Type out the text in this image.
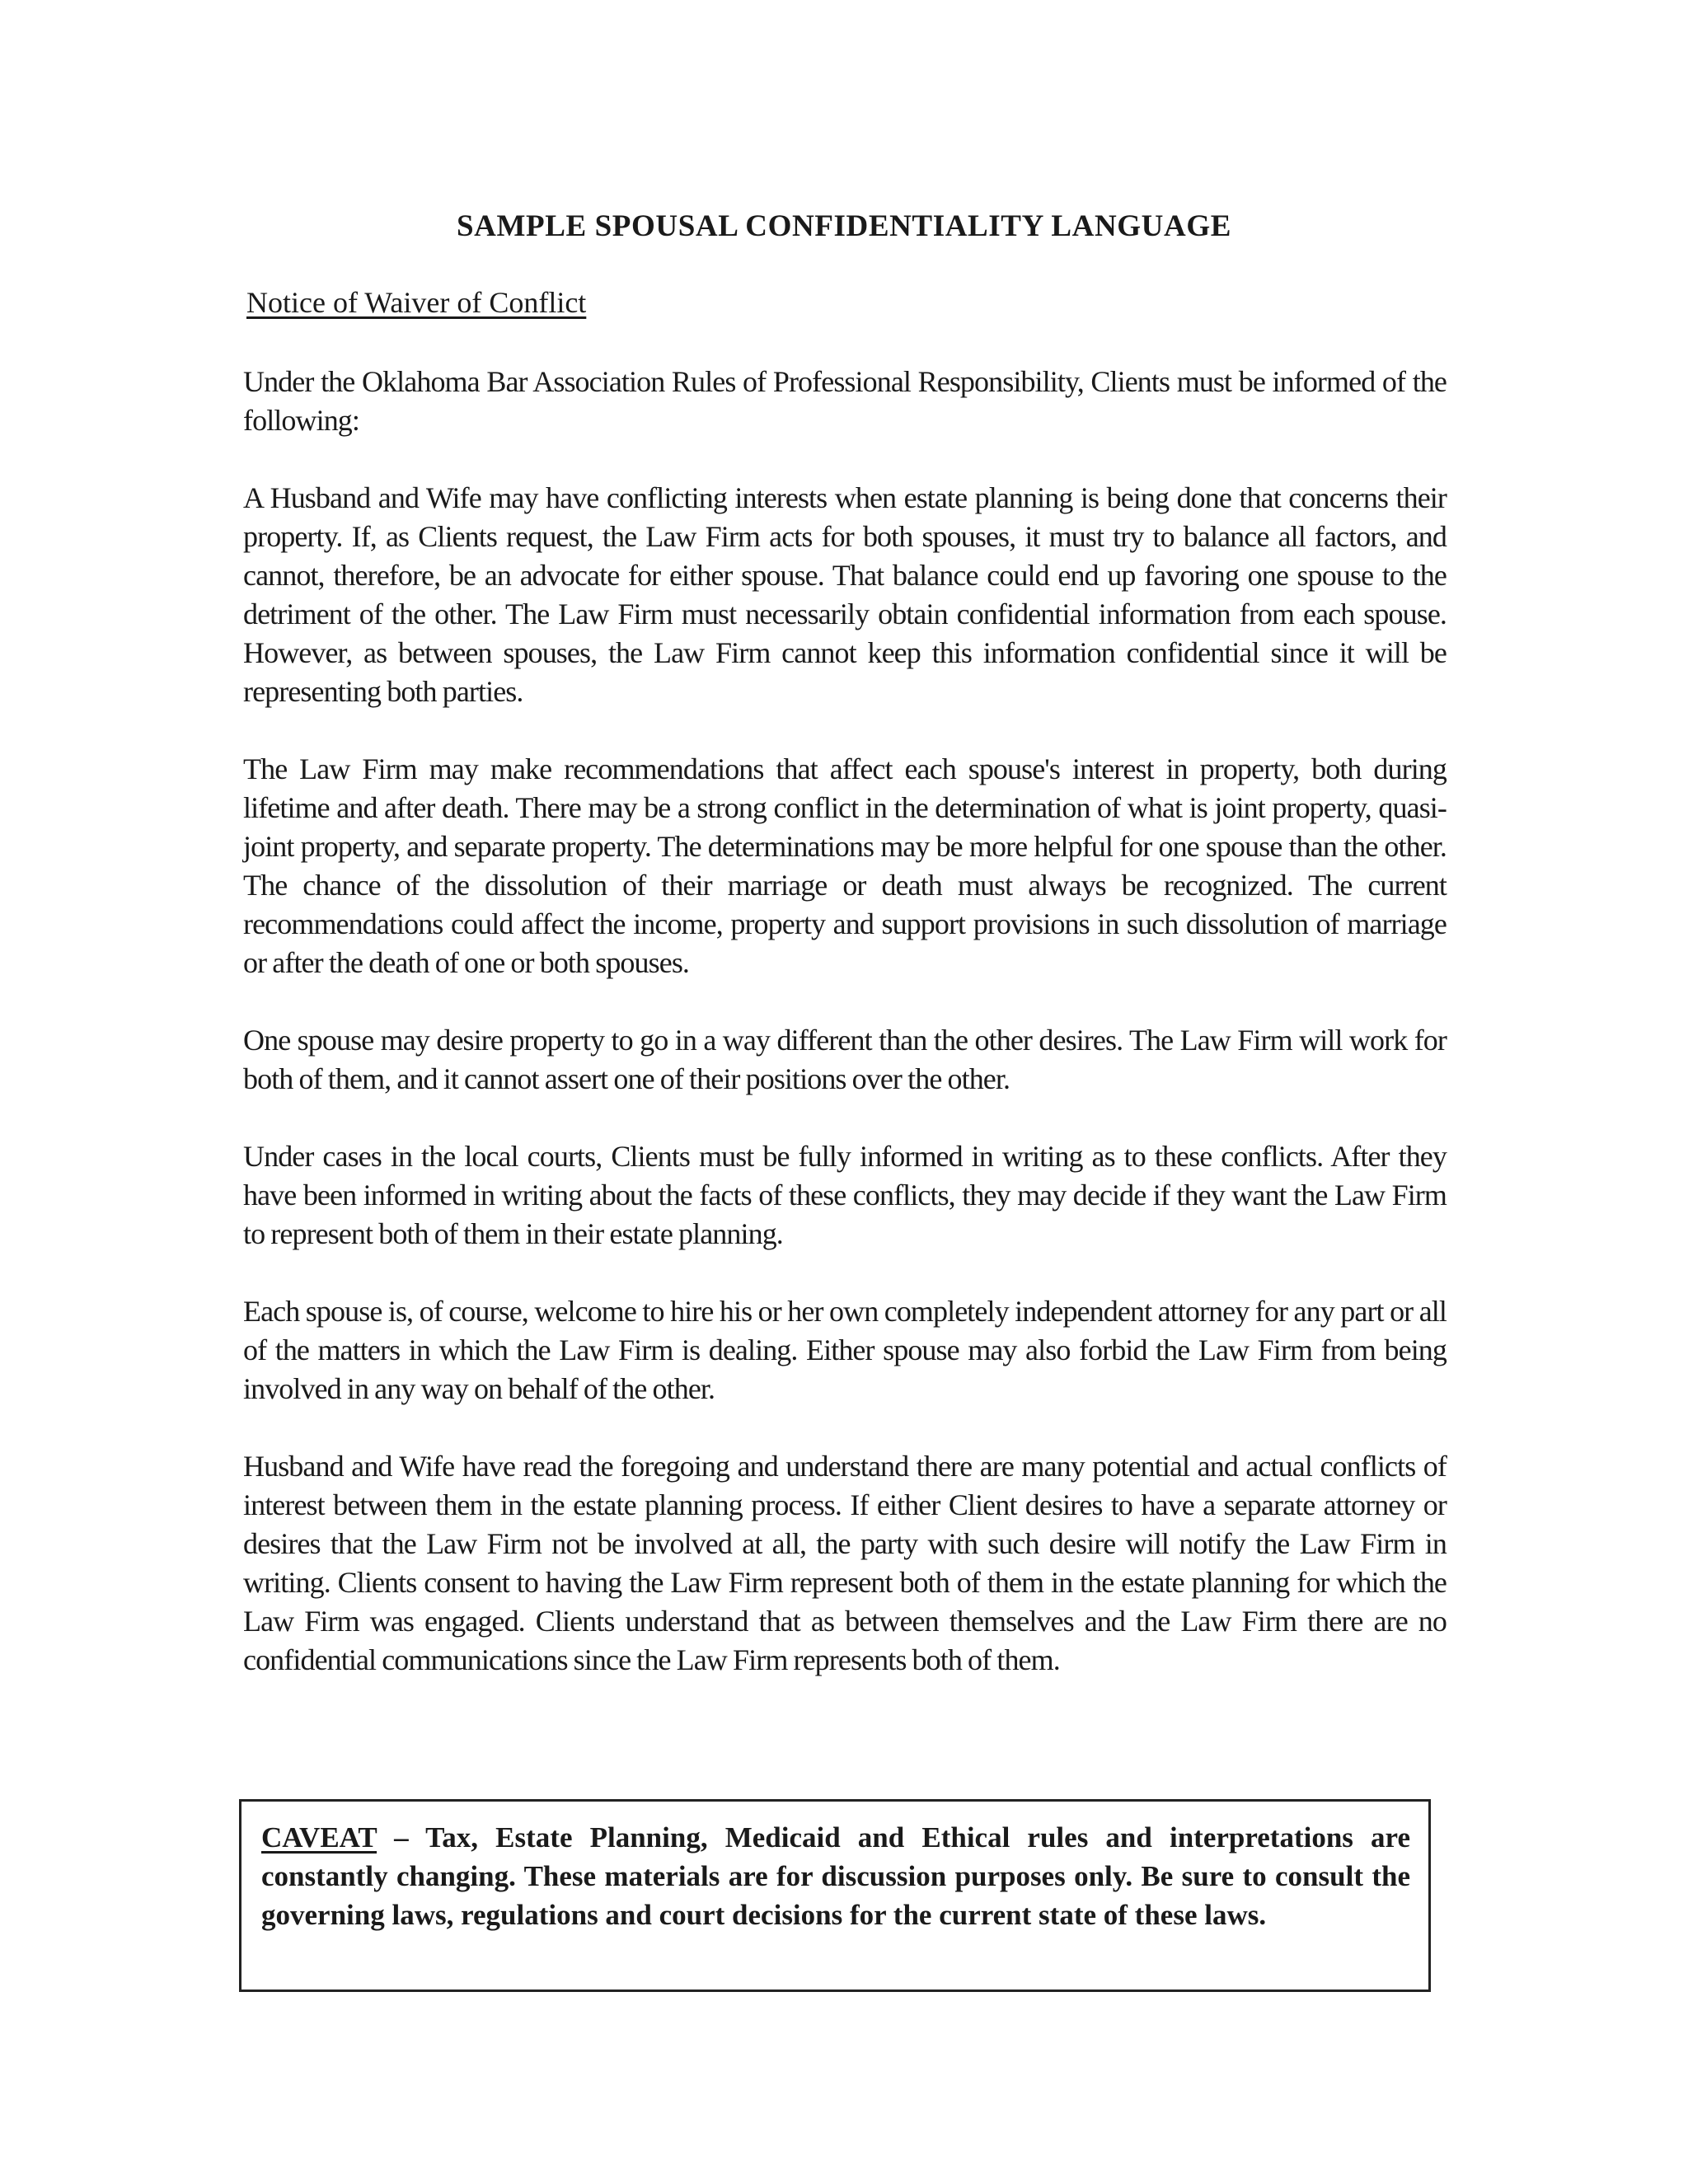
SAMPLE SPOUSAL CONFIDENTIALITY LANGUAGE

Notice of Waiver of Conflict

Under the Oklahoma Bar Association Rules of Professional Responsibility, Clients must be informed of the following:

A Husband and Wife may have conflicting interests when estate planning is being done that concerns their property. If, as Clients request, the Law Firm acts for both spouses, it must try to balance all factors, and cannot, therefore, be an advocate for either spouse. That balance could end up favoring one spouse to the detriment of the other. The Law Firm must necessarily obtain confidential information from each spouse. However, as between spouses, the Law Firm cannot keep this information confidential since it will be representing both parties.

The Law Firm may make recommendations that affect each spouse's interest in property, both during lifetime and after death. There may be a strong conflict in the determination of what is joint property, quasi-joint property, and separate property. The determinations may be more helpful for one spouse than the other. The chance of the dissolution of their marriage or death must always be recognized. The current recommendations could affect the income, property and support provisions in such dissolution of marriage or after the death of one or both spouses.

One spouse may desire property to go in a way different than the other desires. The Law Firm will work for both of them, and it cannot assert one of their positions over the other.

Under cases in the local courts, Clients must be fully informed in writing as to these conflicts. After they have been informed in writing about the facts of these conflicts, they may decide if they want the Law Firm to represent both of them in their estate planning.

Each spouse is, of course, welcome to hire his or her own completely independent attorney for any part or all of the matters in which the Law Firm is dealing. Either spouse may also forbid the Law Firm from being involved in any way on behalf of the other.

Husband and Wife have read the foregoing and understand there are many potential and actual conflicts of interest between them in the estate planning process. If either Client desires to have a separate attorney or desires that the Law Firm not be involved at all, the party with such desire will notify the Law Firm in writing. Clients consent to having the Law Firm represent both of them in the estate planning for which the Law Firm was engaged. Clients understand that as between themselves and the Law Firm there are no confidential communications since the Law Firm represents both of them.

CAVEAT – Tax, Estate Planning, Medicaid and Ethical rules and interpretations are constantly changing. These materials are for discussion purposes only. Be sure to consult the governing laws, regulations and court decisions for the current state of these laws.
